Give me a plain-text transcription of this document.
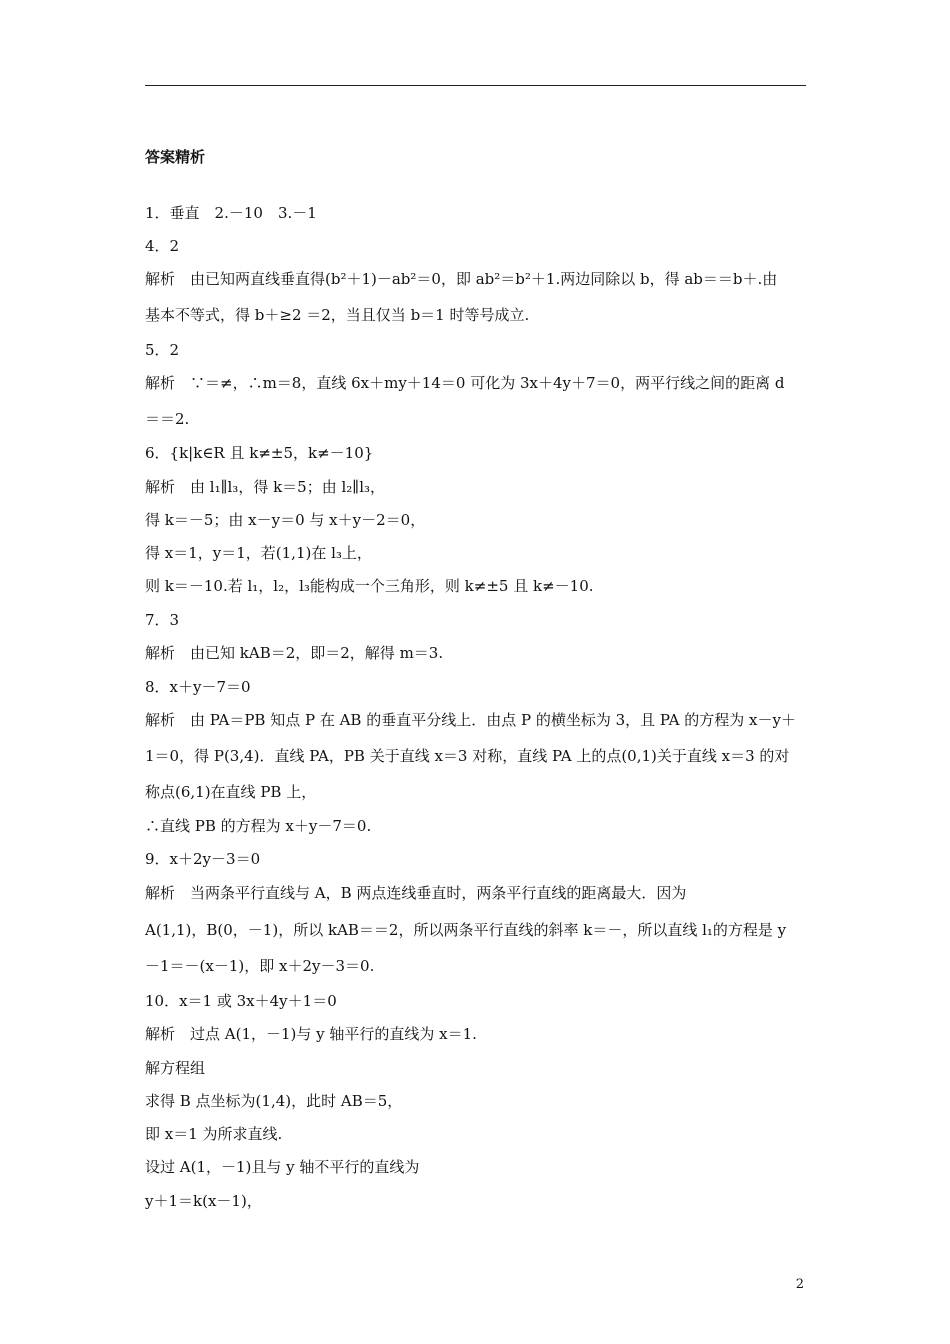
答案精析
1．垂直　2.－10　3.－1
4．2
解析　由已知两直线垂直得(b²＋1)－ab²＝0，即 ab²＝b²＋1.两边同除以 b，得 ab＝＝b＋.由
基本不等式，得 b＋≥2 ＝2，当且仅当 b＝1 时等号成立.
5．2
解析　∵＝≠，∴m＝8，直线 6x＋my＋14＝0 可化为 3x＋4y＋7＝0，两平行线之间的距离 d
＝＝2.
6．{k|k∈R 且 k≠±5，k≠－10}
解析　由 l₁∥l₃，得 k＝5；由 l₂∥l₃，
得 k＝－5；由 x－y＝0 与 x＋y－2＝0，
得 x＝1，y＝1，若(1,1)在 l₃上，
则 k＝－10.若 l₁，l₂，l₃能构成一个三角形，则 k≠±5 且 k≠－10.
7．3
解析　由已知 kAB＝2，即＝2，解得 m＝3.
8．x＋y－7＝0
解析　由 PA＝PB 知点 P 在 AB 的垂直平分线上．由点 P 的横坐标为 3，且 PA 的方程为 x－y＋
1＝0，得 P(3,4)．直线 PA，PB 关于直线 x＝3 对称，直线 PA 上的点(0,1)关于直线 x＝3 的对
称点(6,1)在直线 PB 上，
∴直线 PB 的方程为 x＋y－7＝0.
9．x＋2y－3＝0
解析　当两条平行直线与 A，B 两点连线垂直时，两条平行直线的距离最大．因为
A(1,1)，B(0，－1)，所以 kAB＝＝2，所以两条平行直线的斜率 k＝－，所以直线 l₁的方程是 y
－1＝－(x－1)，即 x＋2y－3＝0.
10．x＝1 或 3x＋4y＋1＝0
解析　过点 A(1，－1)与 y 轴平行的直线为 x＝1.
解方程组
求得 B 点坐标为(1,4)，此时 AB＝5，
即 x＝1 为所求直线.
设过 A(1，－1)且与 y 轴不平行的直线为
y＋1＝k(x－1)，
2
